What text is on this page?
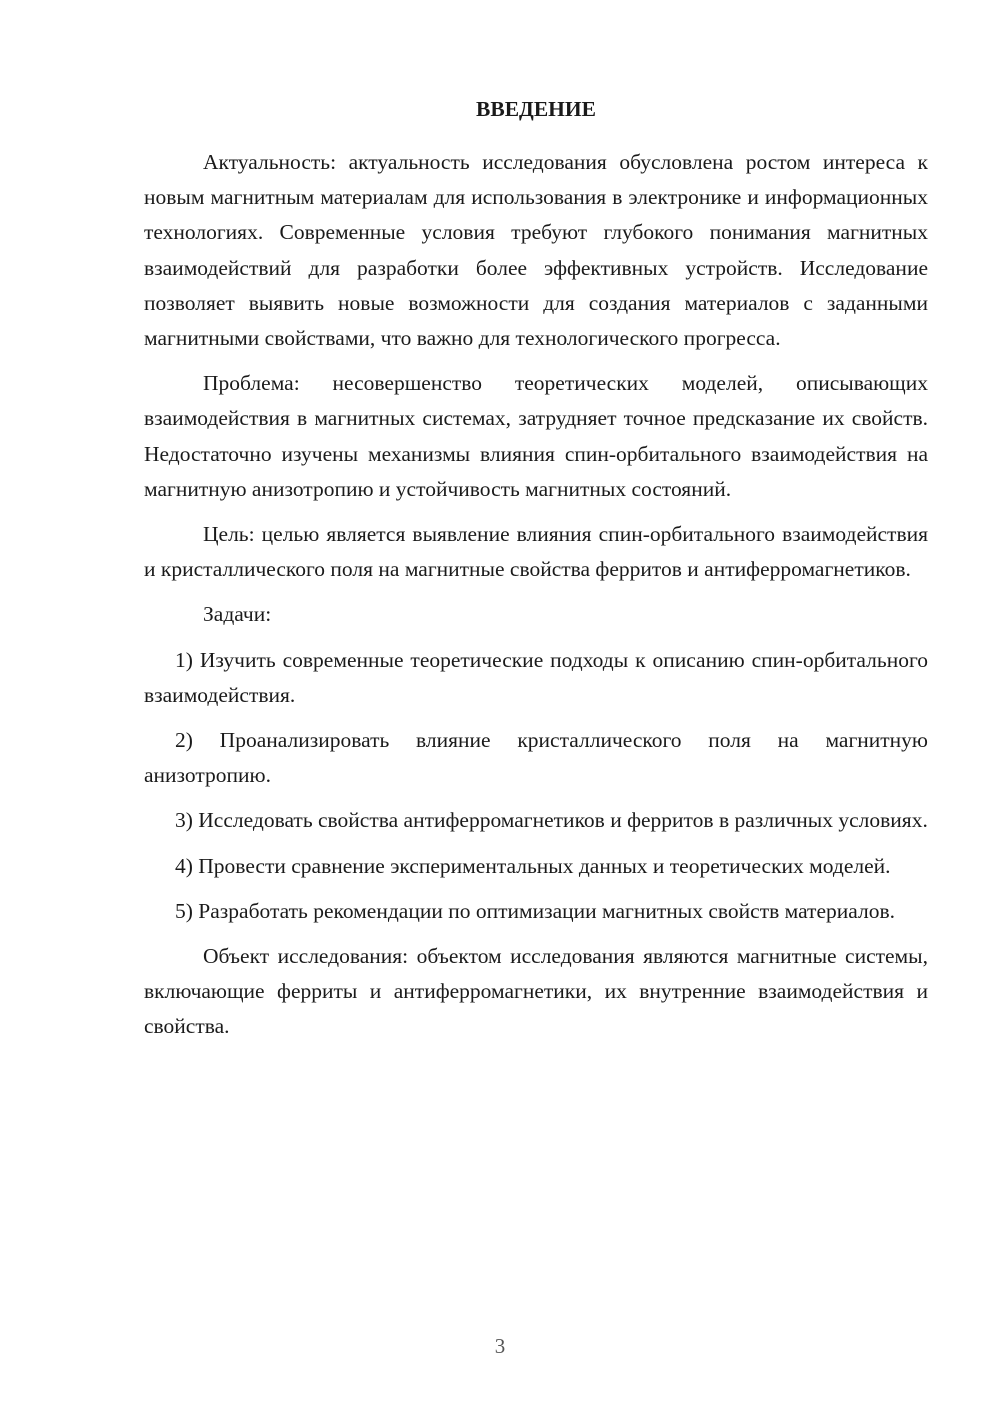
ВВЕДЕНИЕ

Актуальность: актуальность исследования обусловлена ростом интереса к новым магнитным материалам для использования в электронике и информационных технологиях. Современные условия требуют глубокого понимания магнитных взаимодействий для разработки более эффективных устройств. Исследование позволяет выявить новые возможности для создания материалов с заданными магнитными свойствами, что важно для технологического прогресса.

Проблема: несовершенство теоретических моделей, описывающих взаимодействия в магнитных системах, затрудняет точное предсказание их свойств. Недостаточно изучены механизмы влияния спин-орбитального взаимодействия на магнитную анизотропию и устойчивость магнитных состояний.

Цель: целью является выявление влияния спин-орбитального взаимодействия и кристаллического поля на магнитные свойства ферритов и антиферромагнетиков.

Задачи:

1) Изучить современные теоретические подходы к описанию спин-орбитального взаимодействия.

2) Проанализировать влияние кристаллического поля на магнитную анизотропию.

3) Исследовать свойства антиферромагнетиков и ферритов в различных условиях.

4) Провести сравнение экспериментальных данных и теоретических моделей.

5) Разработать рекомендации по оптимизации магнитных свойств материалов.

Объект исследования: объектом исследования являются магнитные системы, включающие ферриты и антиферромагнетики, их внутренние взаимодействия и свойства.

3
